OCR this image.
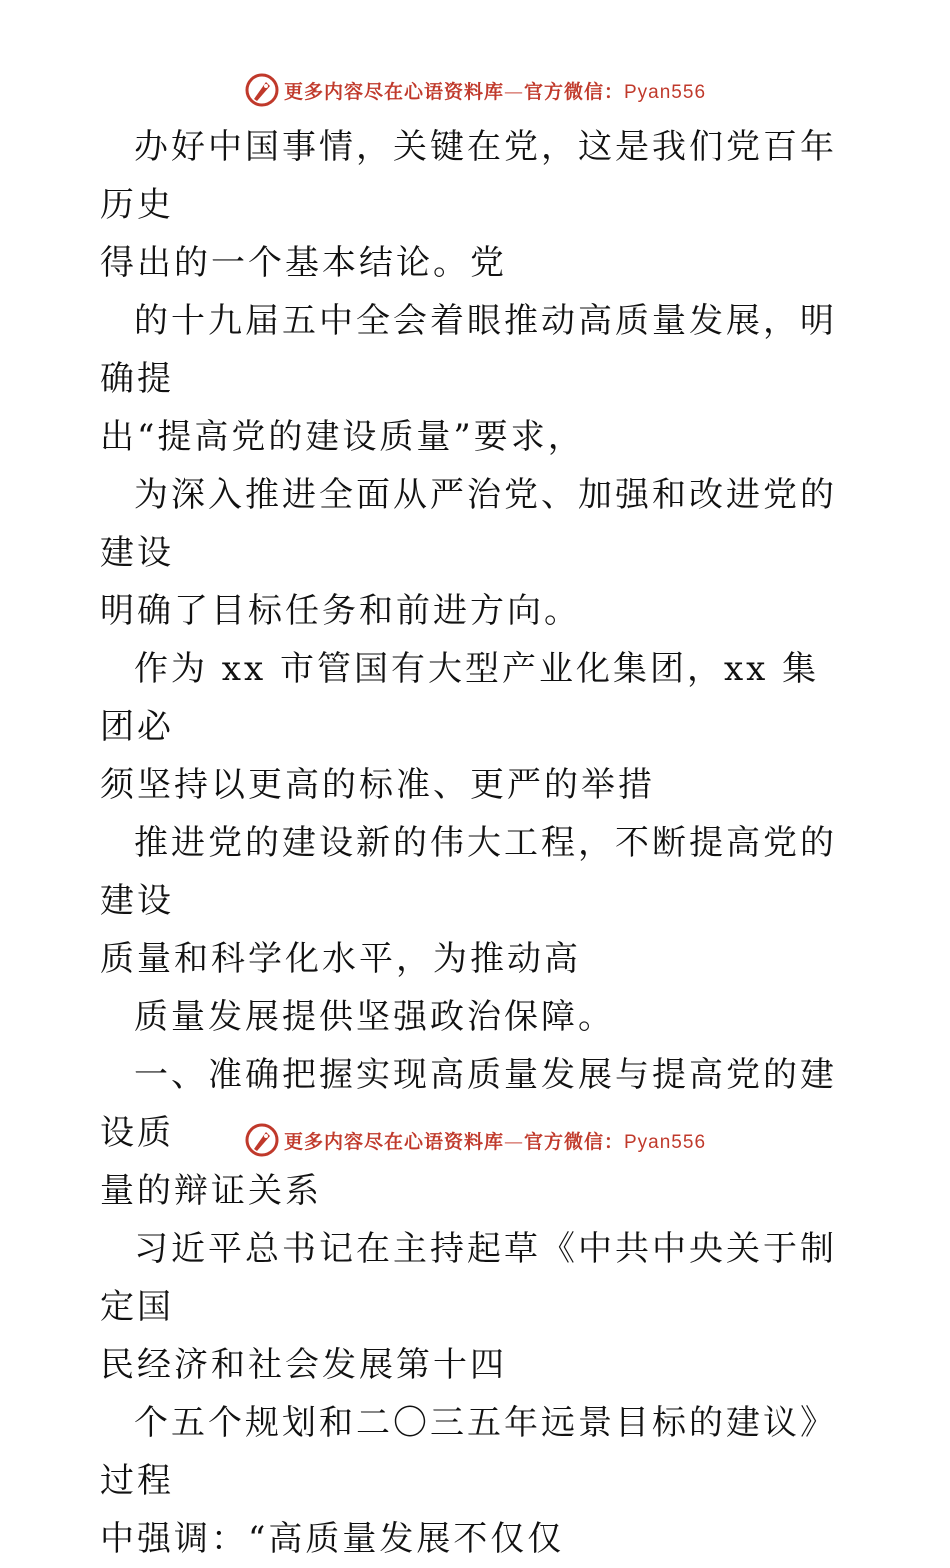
更多内容尽在心语资料库—官方微信：Pyan556

办好中国事情，关键在党，这是我们党百年历史
得出的一个基本结论。党

的十九届五中全会着眼推动高质量发展，明确提
出“提高党的建设质量”要求，

为深入推进全面从严治党、加强和改进党的建设
明确了目标任务和前进方向。

作为 xx 市管国有大型产业化集团，xx 集团必
须坚持以更高的标准、更严的举措

推进党的建设新的伟大工程，不断提高党的建设
质量和科学化水平，为推动高

质量发展提供坚强政治保障。

一、准确把握实现高质量发展与提高党的建设质
量的辩证关系

习近平总书记在主持起草《中共中央关于制定国
民经济和社会发展第十四

个五个规划和二〇三五年远景目标的建议》过程
中强调：“高质量发展不仅仅

更多内容尽在心语资料库—官方微信：Pyan556
